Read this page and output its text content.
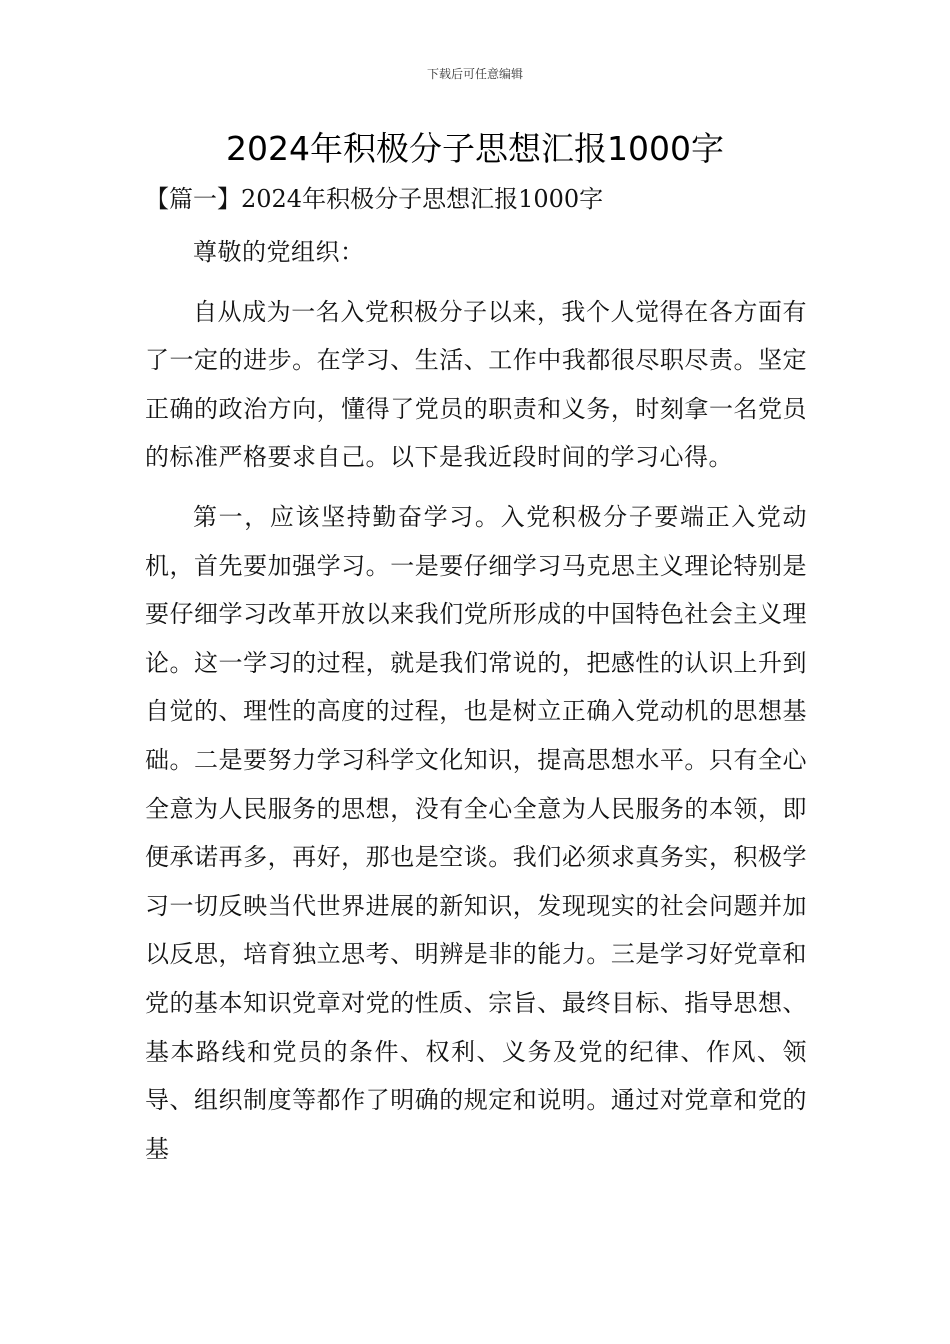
下载后可任意编辑
2024年积极分子思想汇报1000字
【篇一】2024年积极分子思想汇报1000字

尊敬的党组织：

自从成为一名入党积极分子以来，我个人觉得在各方面有了一定的进步。在学习、生活、工作中我都很尽职尽责。坚定正确的政治方向，懂得了党员的职责和义务，时刻拿一名党员的标准严格要求自己。以下是我近段时间的学习心得。

第一，应该坚持勤奋学习。入党积极分子要端正入党动机，首先要加强学习。一是要仔细学习马克思主义理论特别是要仔细学习改革开放以来我们党所形成的中国特色社会主义理论。这一学习的过程，就是我们常说的，把感性的认识上升到自觉的、理性的高度的过程，也是树立正确入党动机的思想基础。二是要努力学习科学文化知识，提高思想水平。只有全心全意为人民服务的思想，没有全心全意为人民服务的本领，即便承诺再多，再好，那也是空谈。我们必须求真务实，积极学习一切反映当代世界进展的新知识，发现现实的社会问题并加以反思，培育独立思考、明辨是非的能力。三是学习好党章和党的基本知识党章对党的性质、宗旨、最终目标、指导思想、基本路线和党员的条件、权利、义务及党的纪律、作风、领导、组织制度等都作了明确的规定和说明。通过对党章和党的基
